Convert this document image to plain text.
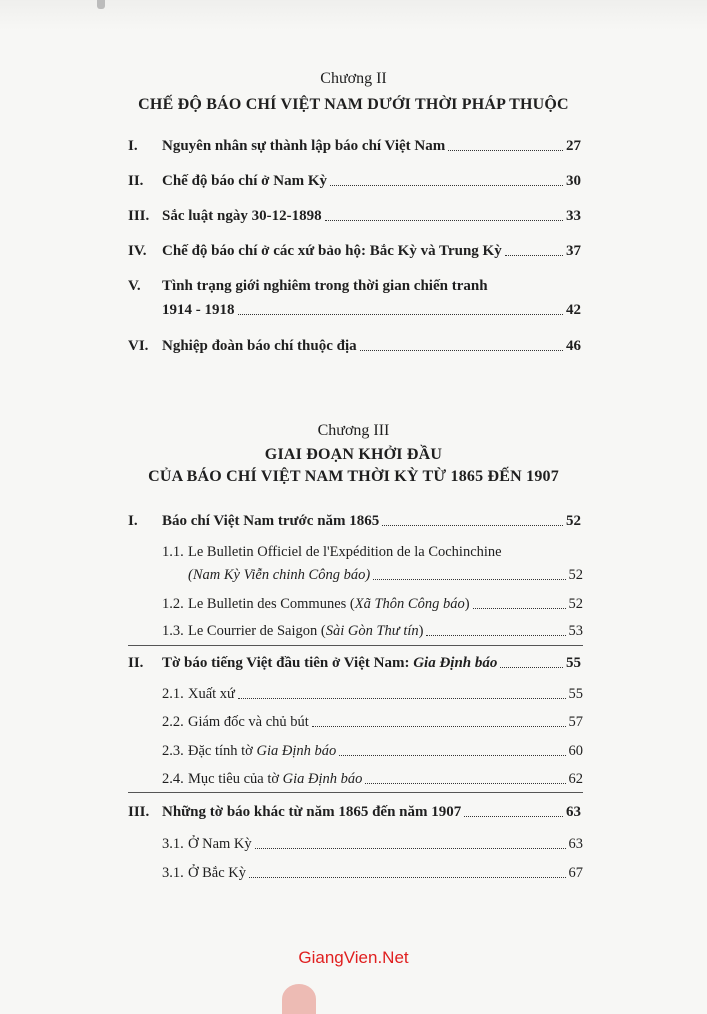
Chương II
CHẾ ĐỘ BÁO CHÍ VIỆT NAM DƯỚI THỜI PHÁP THUỘC
I.	Nguyên nhân sự thành lập báo chí Việt Nam	27
II.	Chế độ báo chí ở Nam Kỳ	30
III. Sắc luật ngày 30-12-1898	33
IV.	Chế độ báo chí ở các xứ bảo hộ: Bắc Kỳ và Trung Kỳ	37
V.	Tình trạng giới nghiêm trong thời gian chiến tranh
1914 - 1918	42
VI. Nghiệp đoàn báo chí thuộc địa	46
Chương III
GIAI ĐOẠN KHỞI ĐẦU
CỦA BÁO CHÍ VIỆT NAM THỜI KỲ TỪ 1865 ĐẾN 1907
I.	Báo chí Việt Nam trước năm 1865	52
1.1. Le Bulletin Officiel de l'Expédition de la Cochinchine
(Nam Kỳ Viễn chinh Công báo)	52
1.2. Le Bulletin des Communes (Xã Thôn Công báo)	52
1.3. Le Courrier de Saigon (Sài Gòn Thư tín)	53
II.	Tờ báo tiếng Việt đầu tiên ở Việt Nam: Gia Định báo	55
2.1. Xuất xứ	55
2.2. Giám đốc và chủ bút	57
2.3. Đặc tính tờ Gia Định báo	60
2.4. Mục tiêu của tờ Gia Định báo	62
III. Những tờ báo khác từ năm 1865 đến năm 1907	63
3.1. Ở Nam Kỳ	63
3.1. Ở Bắc Kỳ	67
GiangVien.Net
